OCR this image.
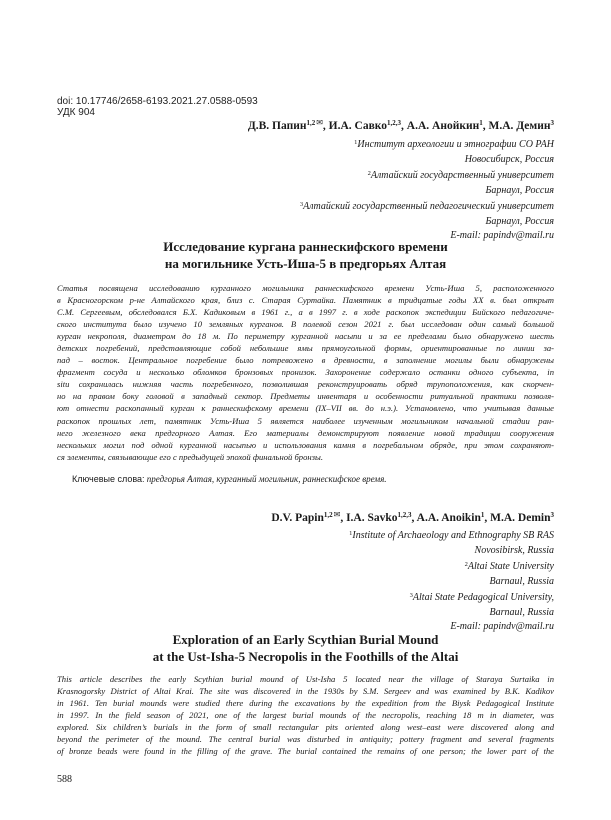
doi: 10.17746/2658-6193.2021.27.0588-0593
УДК 904
Д.В. Папин$^{1,2}$✉, И.А. Савко$^{1,2,3}$, А.А. Анойкин$^1$, М.А. Демин$^3$
$^1$Институт археологии и этнографии СО РАН
Новосибирск, Россия
$^2$Алтайский государственный университет
Барнаул, Россия
$^3$Алтайский государственный педагогический университет
Барнаул, Россия
E-mail: papindv@mail.ru
Исследование кургана раннескифского времени
на могильнике Усть-Иша-5 в предгорьях Алтая
Статья посвящена исследованию курганного могильника раннескифского времени Усть-Иша 5, расположенного
в Красногорском р-не Алтайского края, близ с. Старая Суртайка. Памятник в тридцатые годы XX в. был открыт
С.М. Сергеевым, обследовался Б.Х. Кадиковым в 1961 г., а в 1997 г. в ходе раскопок экспедиции Бийского педагогиче-
ского института было изучено 10 земляных курганов. В полевой сезон 2021 г. был исследован один самый большой
курган некрополя, диаметром до 18 м. По периметру курганной насыпи и за ее пределами было обнаружено шесть
детских погребений, представляющие собой небольшие ямы прямоугольной формы, ориентированные по линии за-
пад – восток. Центральное погребение было потревожено в древности, в заполнение могилы были обнаружены
фрагмент сосуда и несколько обломков бронзовых пронизок. Захоронение содержало останки одного субъекта, in
situ сохранилась нижняя часть погребенного, позволившая реконструировать обряд трупоположения, как скорчен-
но на правом боку головой в западный сектор. Предметы инвентаря и особенности ритуальной практики позволя-
ют отнести раскопанный курган к раннескифскому времени (IX–VII вв. до н.э.). Установлено, что учитывая данные
раскопок прошлых лет, памятник Усть-Иша 5 является наиболее изученным могильником начальной стадии ран-
него железного века предгорного Алтая. Его материалы демонстрируют появление новой традиции сооружения
нескольких могил под одной курганной насыпью и использования камня в погребальном обряде, при этом сохраняют-
ся элементы, связывающие его с предыдущей эпохой финальной бронзы.
Ключевые слова: предгорья Алтая, курганный могильник, раннескифское время.
D.V. Papin$^{1,2}$✉, I.A. Savko$^{1,2,3}$, A.A. Anoikin$^1$, M.A. Demin$^3$
$^1$Institute of Archaeology and Ethnography SB RAS
Novosibirsk, Russia
$^2$Altai State University
Barnaul, Russia
$^3$Altai State Pedagogical University,
Barnaul, Russia
E-mail: papindv@mail.ru
Exploration of an Early Scythian Burial Mound
at the Ust-Isha-5 Necropolis in the Foothills of the Altai
This article describes the early Scythian burial mound of Ust-Isha 5 located near the village of Staraya Surtaika in
Krasnogorsky District of Altai Krai. The site was discovered in the 1930s by S.M. Sergeev and was examined by B.K. Kadikov
in 1961. Ten burial mounds were studied there during the excavations by the expedition from the Biysk Pedagogical Institute
in 1997. In the field season of 2021, one of the largest burial mounds of the necropolis, reaching 18 m in diameter, was
explored. Six children’s burials in the form of small rectangular pits oriented along west–east were discovered along and
beyond the perimeter of the mound. The central burial was disturbed in antiquity; pottery fragment and several fragments
of bronze beads were found in the filling of the grave. The burial contained the remains of one person; the lower part of the
588
